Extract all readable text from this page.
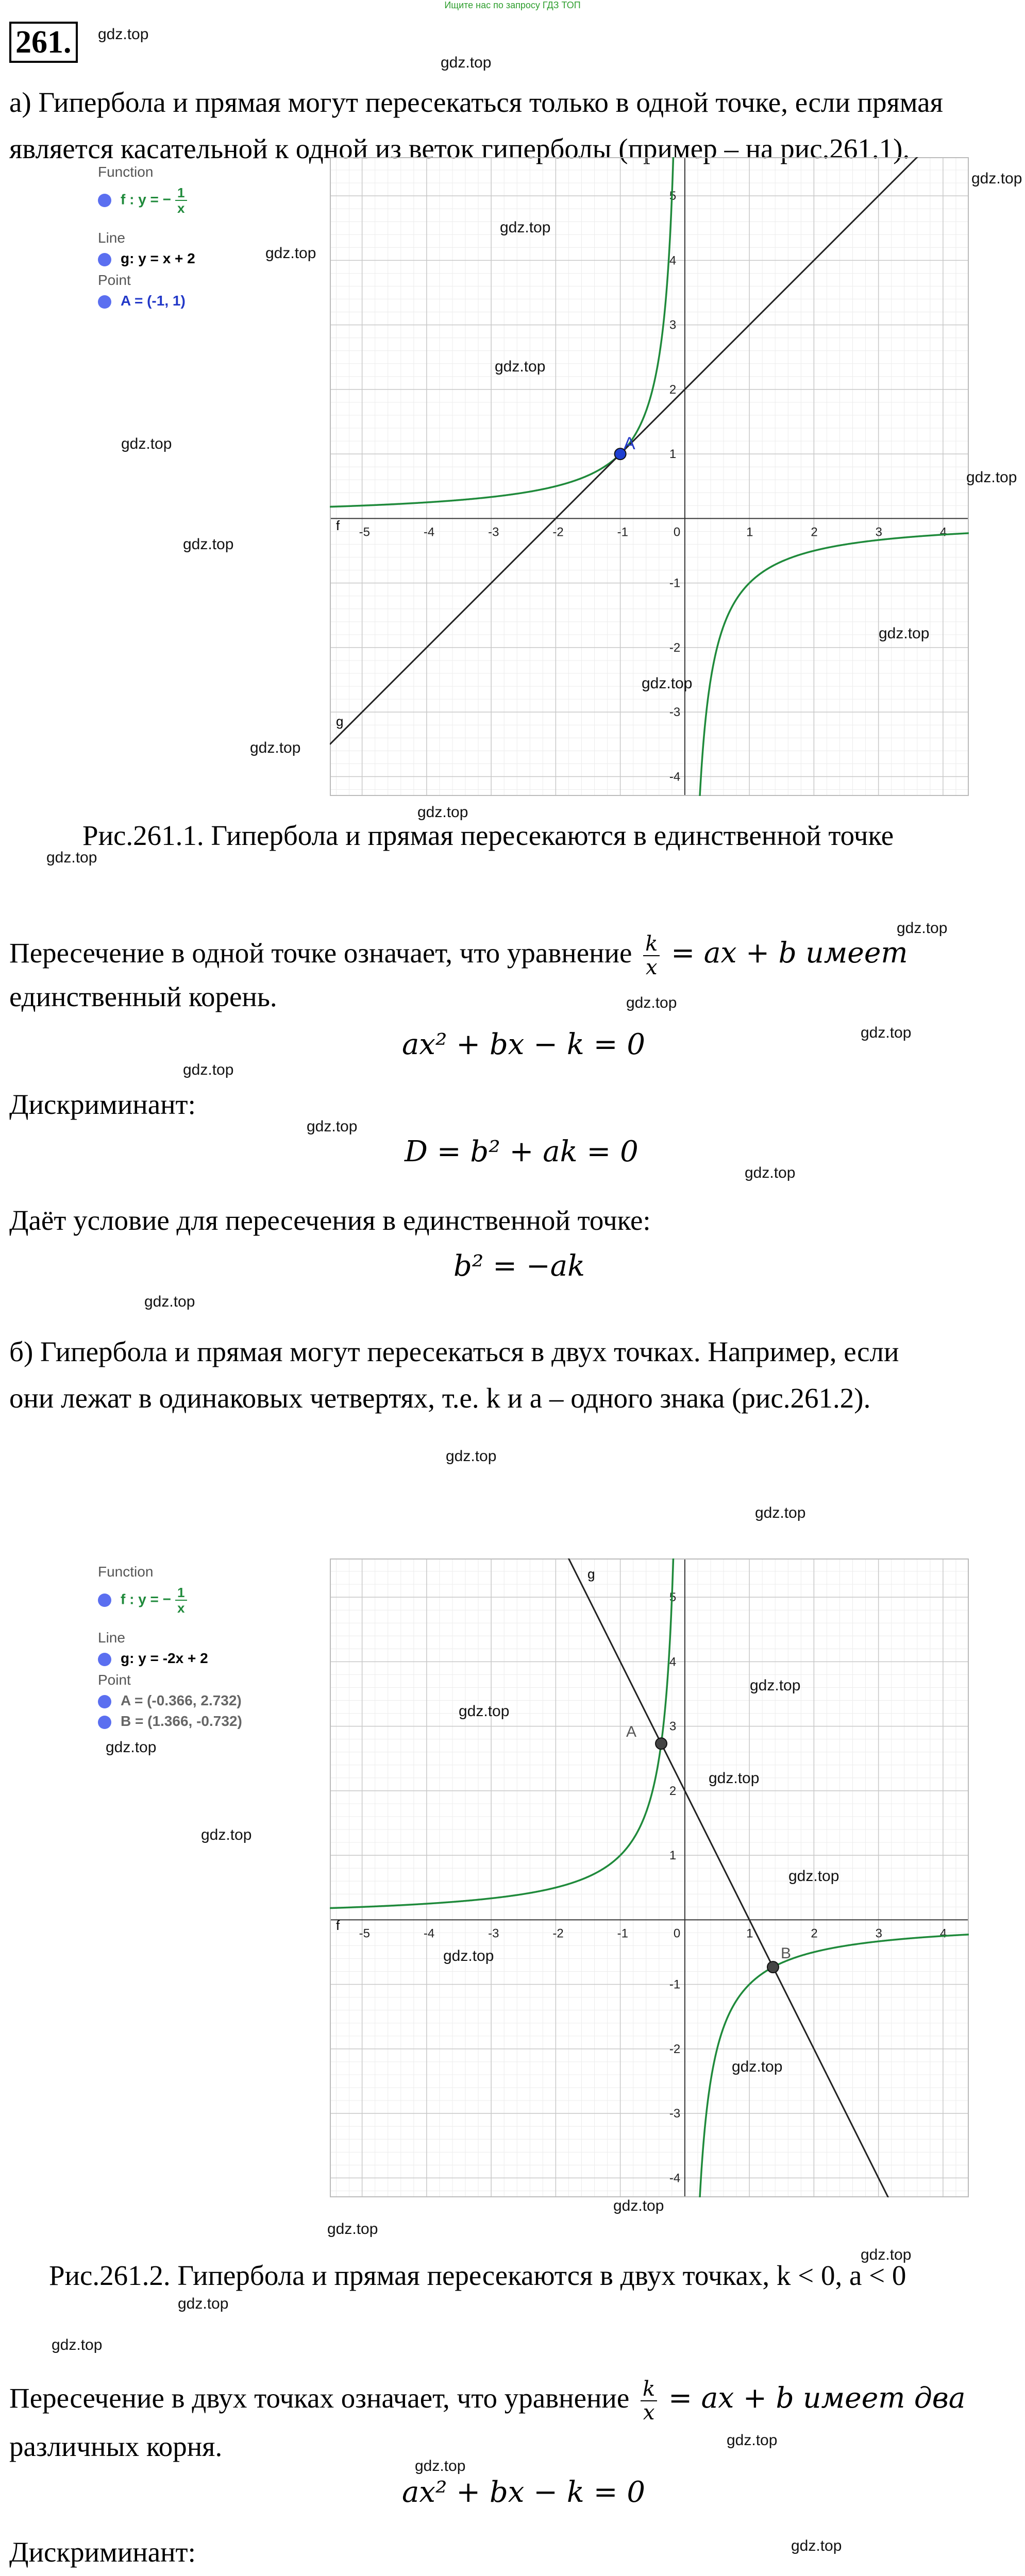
Ищите нас по запросу ГДЗ ТОП
261.	gdz.top
gdz.top
а) Гипербола и прямая могут пересекаться только в одной точке, если прямая
является касательной к одной из веток гиперболы (пример – на рис.261.1).
Function
f : y = − $\frac{1}{x}$
Line
g: y = x + 2
Point
A = (-1, 1)
-5	-4	-3	-2	-1	0	1	2	3	4
-4
-3
-2
-1
1
2
3
4
5
A
f
g
gdz.top
gdz.top
gdz.top
gdz.top
gdz.top
gdz.top
gdz.top
gdz.top
gdz.top
gdz.top
gdz.top
Рис.261.1. Гипербола и прямая пересекаются в единственной точке
gdz.top
gdz.top
Пересечение в одной точке означает, что уравнение $\frac{k}{x}$ = ax + b имеет
единственный корень.	gdz.top
gdz.top
ax² + bx − k = 0
gdz.top
Дискриминант:
gdz.top
D = b² + ak = 0
gdz.top
Даёт условие для пересечения в единственной точке:
b² = −ak
gdz.top
б) Гипербола и прямая могут пересекаться в двух точках. Например, если
они лежат в одинаковых четвертях, т.е. k и a – одного знака (рис.261.2).
gdz.top
gdz.top
Function
f : y = − $\frac{1}{x}$
Line
g: y = -2x + 2
Point
A = (-0.366, 2.732)
B = (1.366, -0.732)
gdz.top
gdz.top
-5	-4	-3	-2	-1	0	1	2	3	4
-4
-3
-2
-1
1
2
3
4
5
A
B
f
g
gdz.top
gdz.top
gdz.top
gdz.top
gdz.top
gdz.top
gdz.top
gdz.top
gdz.top
Рис.261.2. Гипербола и прямая пересекаются в двух точках, k < 0, a < 0
gdz.top
gdz.top
Пересечение в двух точках означает, что уравнение $\frac{k}{x}$ = ax + b имеет два
gdz.top
различных корня.
gdz.top
ax² + bx − k = 0
Дискриминант:	gdz.top
